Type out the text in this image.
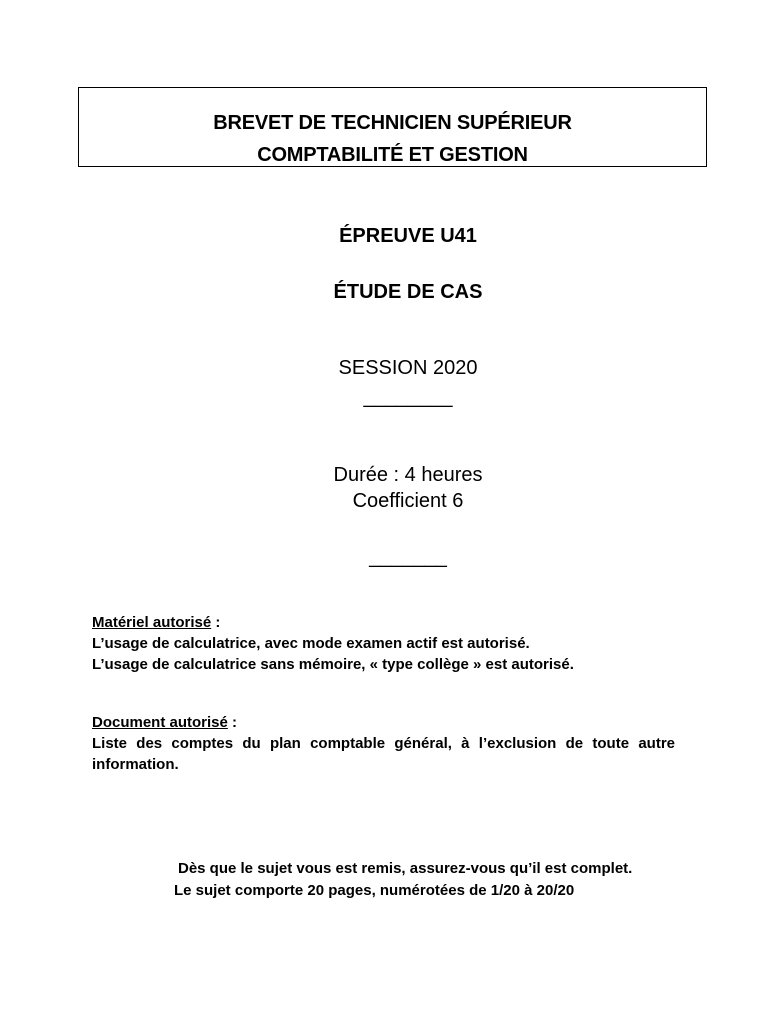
BREVET DE TECHNICIEN SUPÉRIEUR
COMPTABILITÉ ET GESTION
ÉPREUVE U41
ÉTUDE DE CAS
SESSION 2020
________
Durée : 4 heures
Coefficient 6
_______
Matériel autorisé :
L’usage de calculatrice, avec mode examen actif est autorisé.
L’usage de calculatrice sans mémoire, « type collège » est autorisé.
Document autorisé :
Liste des comptes du plan comptable général, à l’exclusion de toute autre information.
Dès que le sujet vous est remis, assurez-vous qu’il est complet.
Le sujet comporte 20 pages, numérotées de 1/20 à 20/20
